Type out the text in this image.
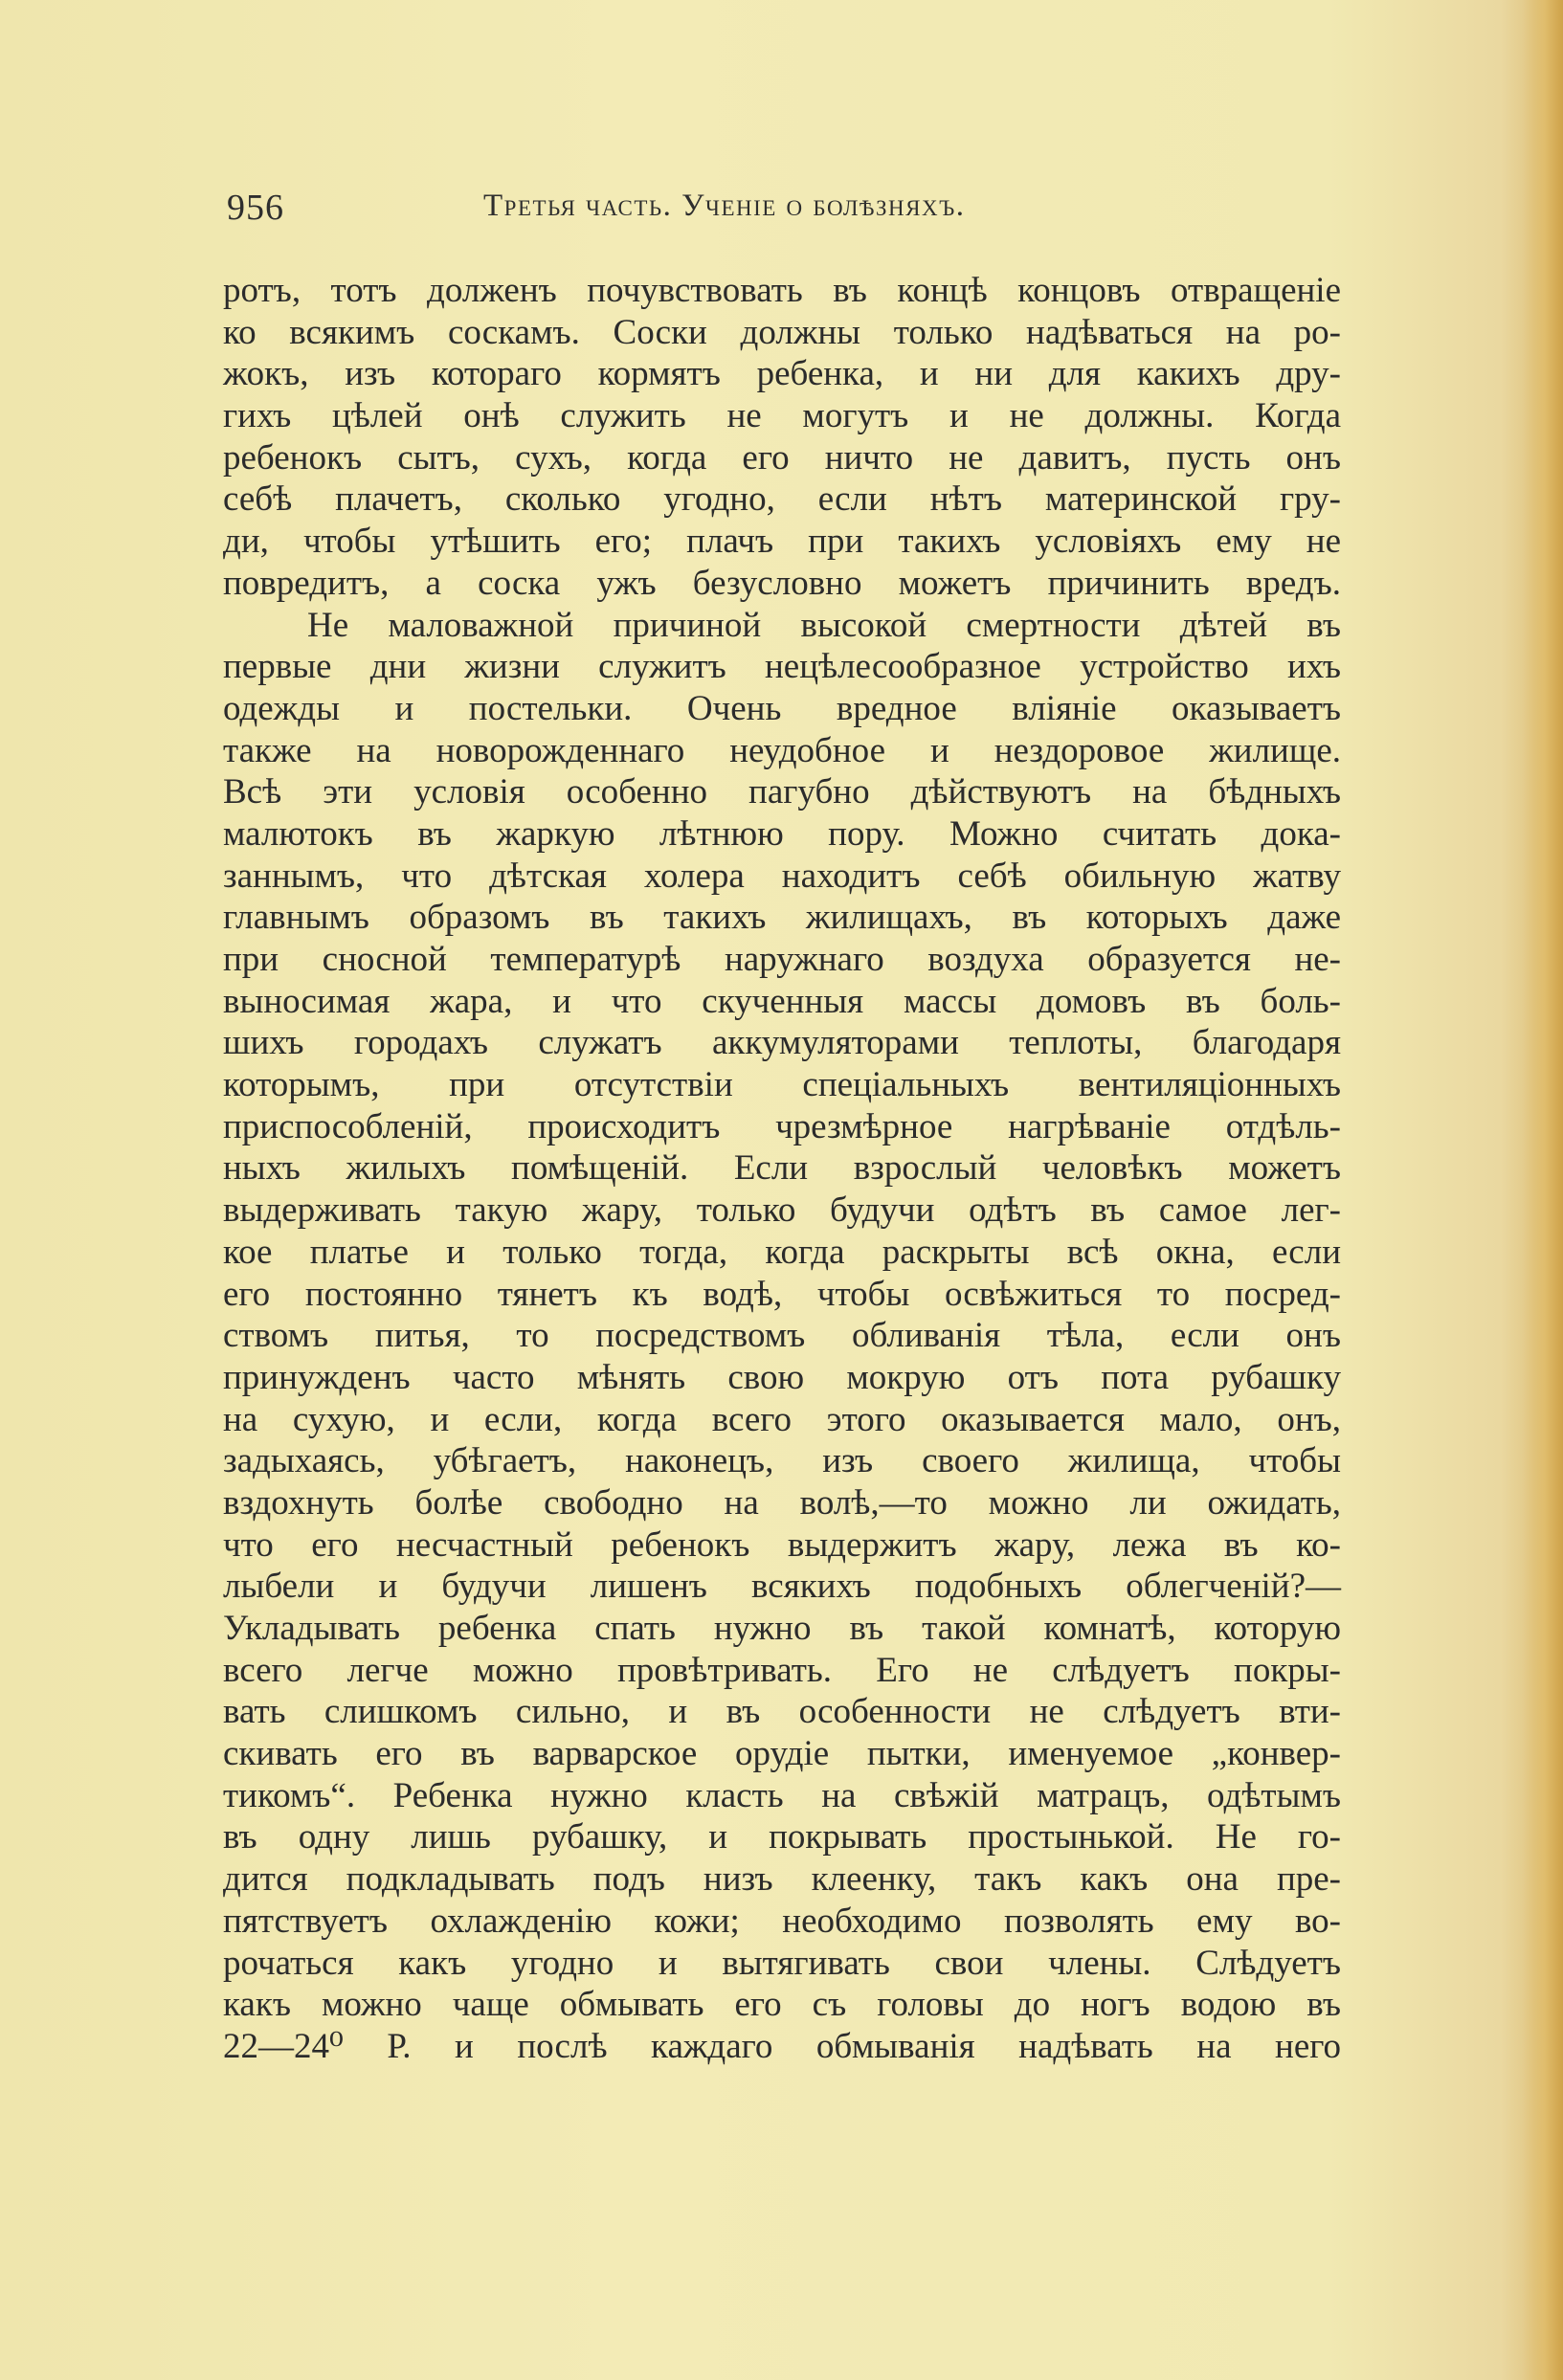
956	Третья часть. Ученіе о болѣзняхъ.
ротъ, тотъ долженъ почувствовать въ концѣ концовъ отвращеніе
ко всякимъ соскамъ. Соски должны только надѣваться на ро-
жокъ, изъ котораго кормятъ ребенка, и ни для какихъ дру-
гихъ цѣлей онѣ служить не могутъ и не должны. Когда
ребенокъ сытъ, сухъ, когда его ничто не давитъ, пусть онъ
себѣ плачетъ, сколько угодно, если нѣтъ материнской гру-
ди, чтобы утѣшить его; плачъ при такихъ условіяхъ ему не
повредитъ, а соска ужъ безусловно можетъ причинить вредъ.
Не маловажной причиной высокой смертности дѣтей въ
первые дни жизни служитъ нецѣлесообразное устройство ихъ
одежды и постельки. Очень вредное вліяніе оказываетъ
также на новорожденнаго неудобное и нездоровое жилище.
Всѣ эти условія особенно пагубно дѣйствуютъ на бѣдныхъ
малютокъ въ жаркую лѣтнюю пору. Можно считать дока-
заннымъ, что дѣтская холера находитъ себѣ обильную жатву
главнымъ образомъ въ такихъ жилищахъ, въ которыхъ даже
при сносной температурѣ наружнаго воздуха образуется не-
выносимая жара, и что скученныя массы домовъ въ боль-
шихъ городахъ служатъ аккумуляторами теплоты, благодаря
которымъ, при отсутствіи спеціальныхъ вентиляціонныхъ
приспособленій, происходитъ чрезмѣрное нагрѣваніе отдѣль-
ныхъ жилыхъ помѣщеній. Если взрослый человѣкъ можетъ
выдерживать такую жару, только будучи одѣтъ въ самое лег-
кое платье и только тогда, когда раскрыты всѣ окна, если
его постоянно тянетъ къ водѣ, чтобы освѣжиться то посред-
ствомъ питья, то посредствомъ обливанія тѣла, если онъ
принужденъ часто мѣнять свою мокрую отъ пота рубашку
на сухую, и если, когда всего этого оказывается мало, онъ,
задыхаясь, убѣгаетъ, наконецъ, изъ своего жилища, чтобы
вздохнуть болѣе свободно на волѣ,—то можно ли ожидать,
что его несчастный ребенокъ выдержитъ жару, лежа въ ко-
лыбели и будучи лишенъ всякихъ подобныхъ облегченій?—
Укладывать ребенка спать нужно въ такой комнатѣ, которую
всего легче можно провѣтривать. Его не слѣдуетъ покры-
вать слишкомъ сильно, и въ особенности не слѣдуетъ вти-
скивать его въ варварское орудіе пытки, именуемое „конвер-
тикомъ“. Ребенка нужно класть на свѣжій матрацъ, одѣтымъ
въ одну лишь рубашку, и покрывать простынькой. Не го-
дится подкладывать подъ низъ клеенку, такъ какъ она пре-
пятствуетъ охлажденію кожи; необходимо позволять ему во-
рочаться какъ угодно и вытягивать свои члены. Слѣдуетъ
какъ можно чаще обмывать его съ головы до ногъ водою въ
22—24⁰ Р. и послѣ каждаго обмыванія надѣвать на него
